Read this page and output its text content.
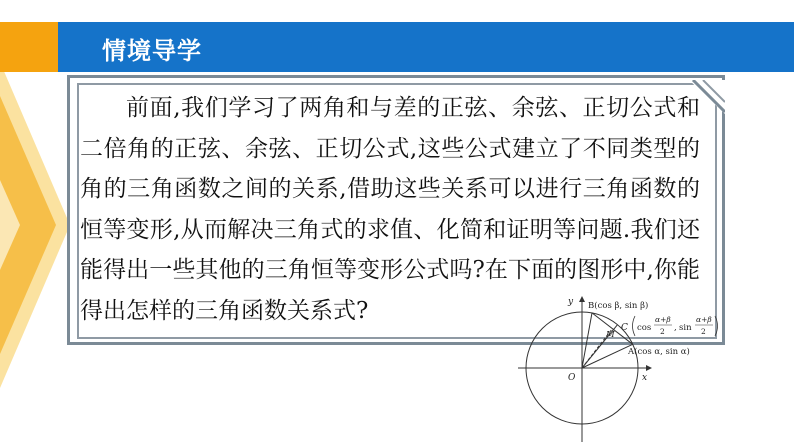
情境导学

前面,我们学习了两角和与差的正弦、余弦、正切公式和二倍角的正弦、余弦、正切公式,这些公式建立了不同类型的角的三角函数之间的关系,借助这些关系可以进行三角函数的恒等变形,从而解决三角式的求值、化简和证明等问题.我们还能得出一些其他的三角恒等变形公式吗?在下面的图形中,你能得出怎样的三角函数关系式?	y
x
O
B(cos β, sin β)
M
A(cos α, sin α)
C cos
α+β
2 , sin
α+β
2
